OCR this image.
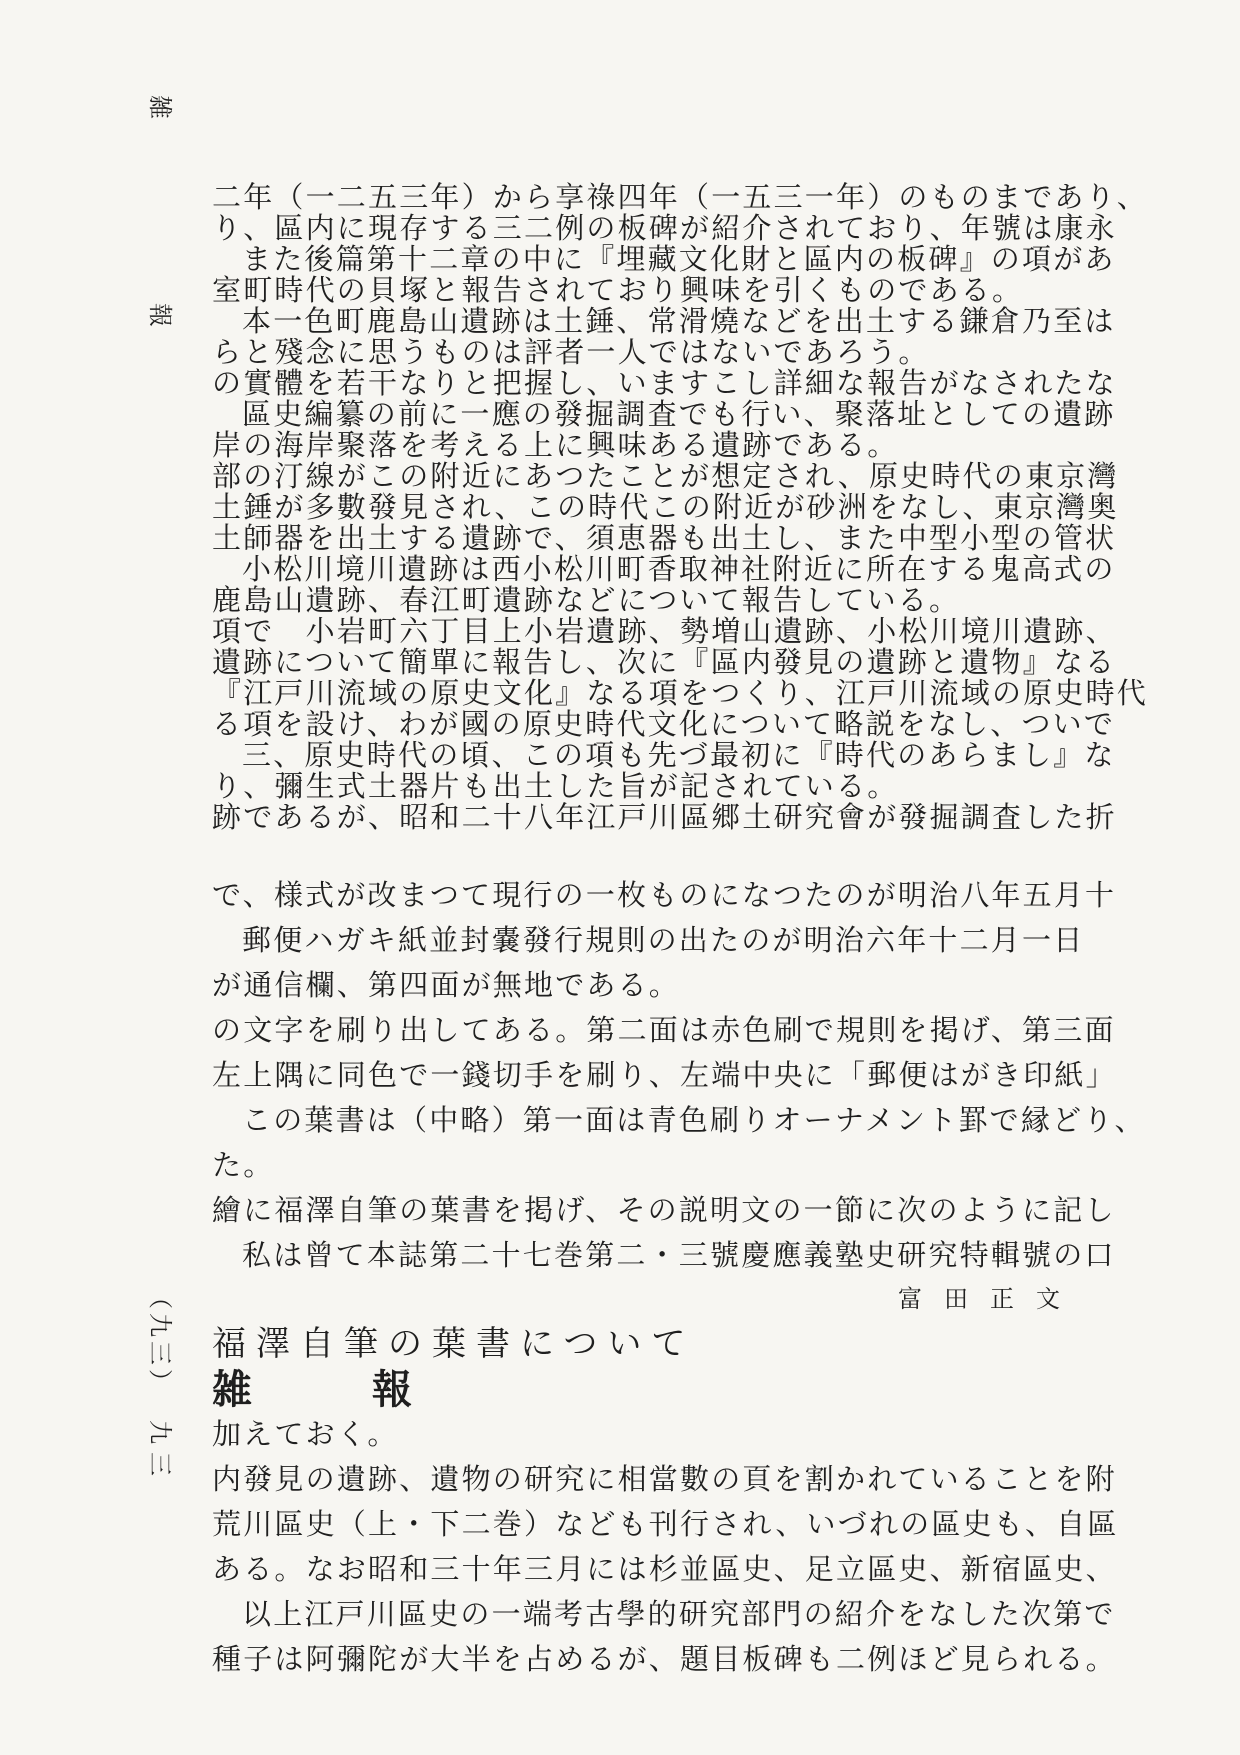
雑　報
（九三）
九三
二年（一二五三年）から享祿四年（一五三一年）のものまであり、
り、區内に現存する三二例の板碑が紹介されており、年號は康永
また後篇第十二章の中に『埋藏文化財と區内の板碑』の項があ
室町時代の貝塚と報告されており興味を引くものである。
本一色町鹿島山遺跡は土錘、常滑燒などを出土する鎌倉乃至は
らと殘念に思うものは評者一人ではないであろう。
の實體を若干なりと把握し、いますこし詳細な報告がなされたな
區史編纂の前に一應の發掘調査でも行い、聚落址としての遺跡
岸の海岸聚落を考える上に興味ある遺跡である。
部の汀線がこの附近にあつたことが想定され、原史時代の東京灣
土錘が多數發見され、この時代この附近が砂洲をなし、東京灣奥
土師器を出土する遺跡で、須恵器も出土し、また中型小型の管状
小松川境川遺跡は西小松川町香取神社附近に所在する鬼高式の
鹿島山遺跡、春江町遺跡などについて報告している。
項で　小岩町六丁目上小岩遺跡、勢増山遺跡、小松川境川遺跡、
遺跡について簡單に報告し、次に『區内發見の遺跡と遺物』なる
『江戸川流域の原史文化』なる項をつくり、江戸川流域の原史時代
る項を設け、わが國の原史時代文化について略説をなし、ついで
三、原史時代の頃、この項も先づ最初に『時代のあらまし』な
り、彌生式土器片も出土した旨が記されている。
跡であるが、昭和二十八年江戸川區郷土研究會が發掘調査した折
で、様式が改まつて現行の一枚ものになつたのが明治八年五月十
郵便ハガキ紙並封嚢發行規則の出たのが明治六年十二月一日
が通信欄、第四面が無地である。
の文字を刷り出してある。第二面は赤色刷で規則を掲げ、第三面
左上隅に同色で一錢切手を刷り、左端中央に「郵便はがき印紙」
この葉書は（中略）第一面は青色刷りオーナメント罫で縁どり、
た。
繪に福澤自筆の葉書を掲げ、その説明文の一節に次のように記し
私は曾て本誌第二十七巻第二・三號慶應義塾史研究特輯號の口
富田正文
福澤自筆の葉書について
雑　報
加えておく。
内發見の遺跡、遺物の研究に相當數の頁を割かれていることを附
荒川區史（上・下二巻）なども刊行され、いづれの區史も、自區
ある。なお昭和三十年三月には杉並區史、足立區史、新宿區史、
以上江戸川區史の一端考古學的研究部門の紹介をなした次第で
種子は阿彌陀が大半を占めるが、題目板碑も二例ほど見られる。
